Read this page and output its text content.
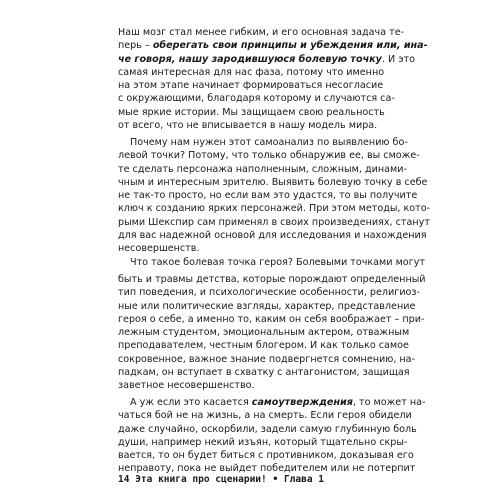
Наш мозг стал менее гибким, и его основная задача те-
перь – оберегать свои принципы и убеждения или, ина-
че говоря, нашу зародившуюся болевую точку. И это
самая интересная для нас фаза, потому что именно
на этом этапе начинает формироваться несогласие
с окружающими, благодаря которому и случаются са-
мые яркие истории. Мы защищаем свою реальность
от всего, что не вписывается в нашу модель мира.
Почему нам нужен этот самоанализ по выявлению бо-
левой точки? Потому, что только обнаружив ее, вы сможе-
те сделать персонажа наполненным, сложным, динами-
чным и интересным зрителю. Выявить болевую точку в себе
не так-то просто, но если вам это удастся, то вы получите
ключ к созданию ярких персонажей. При этом методы, кото-
рыми Шекспир сам применял в своих произведениях, станут
для вас надежной основой для исследования и нахождения
несовершенств.
Что такое болевая точка героя? Болевыми точками могут
быть и травмы детства, которые порождают определенный
тип поведения, и психологические особенности, религиоз-
ные или политические взгляды, характер, представление
героя о себе, а именно то, каким он себя воображает – при-
лежным студентом, эмоциональным актером, отважным
преподавателем, честным блогером. И как только самое
сокровенное, важное знание подвергнется сомнению, на-
падкам, он вступает в схватку с антагонистом, защищая
заветное несовершенство.
А уж если это касается самоутверждения, то может на-
чаться бой не на жизнь, а на смерть. Если героя обидели
даже случайно, оскорбили, задели самую глубинную боль
души, например некий изъян, который тщательно скры-
вается, то он будет биться с противником, доказывая его
неправоту, пока не выйдет победителем или не потерпит
14 Эта книга про сценарии! • Глава 1
